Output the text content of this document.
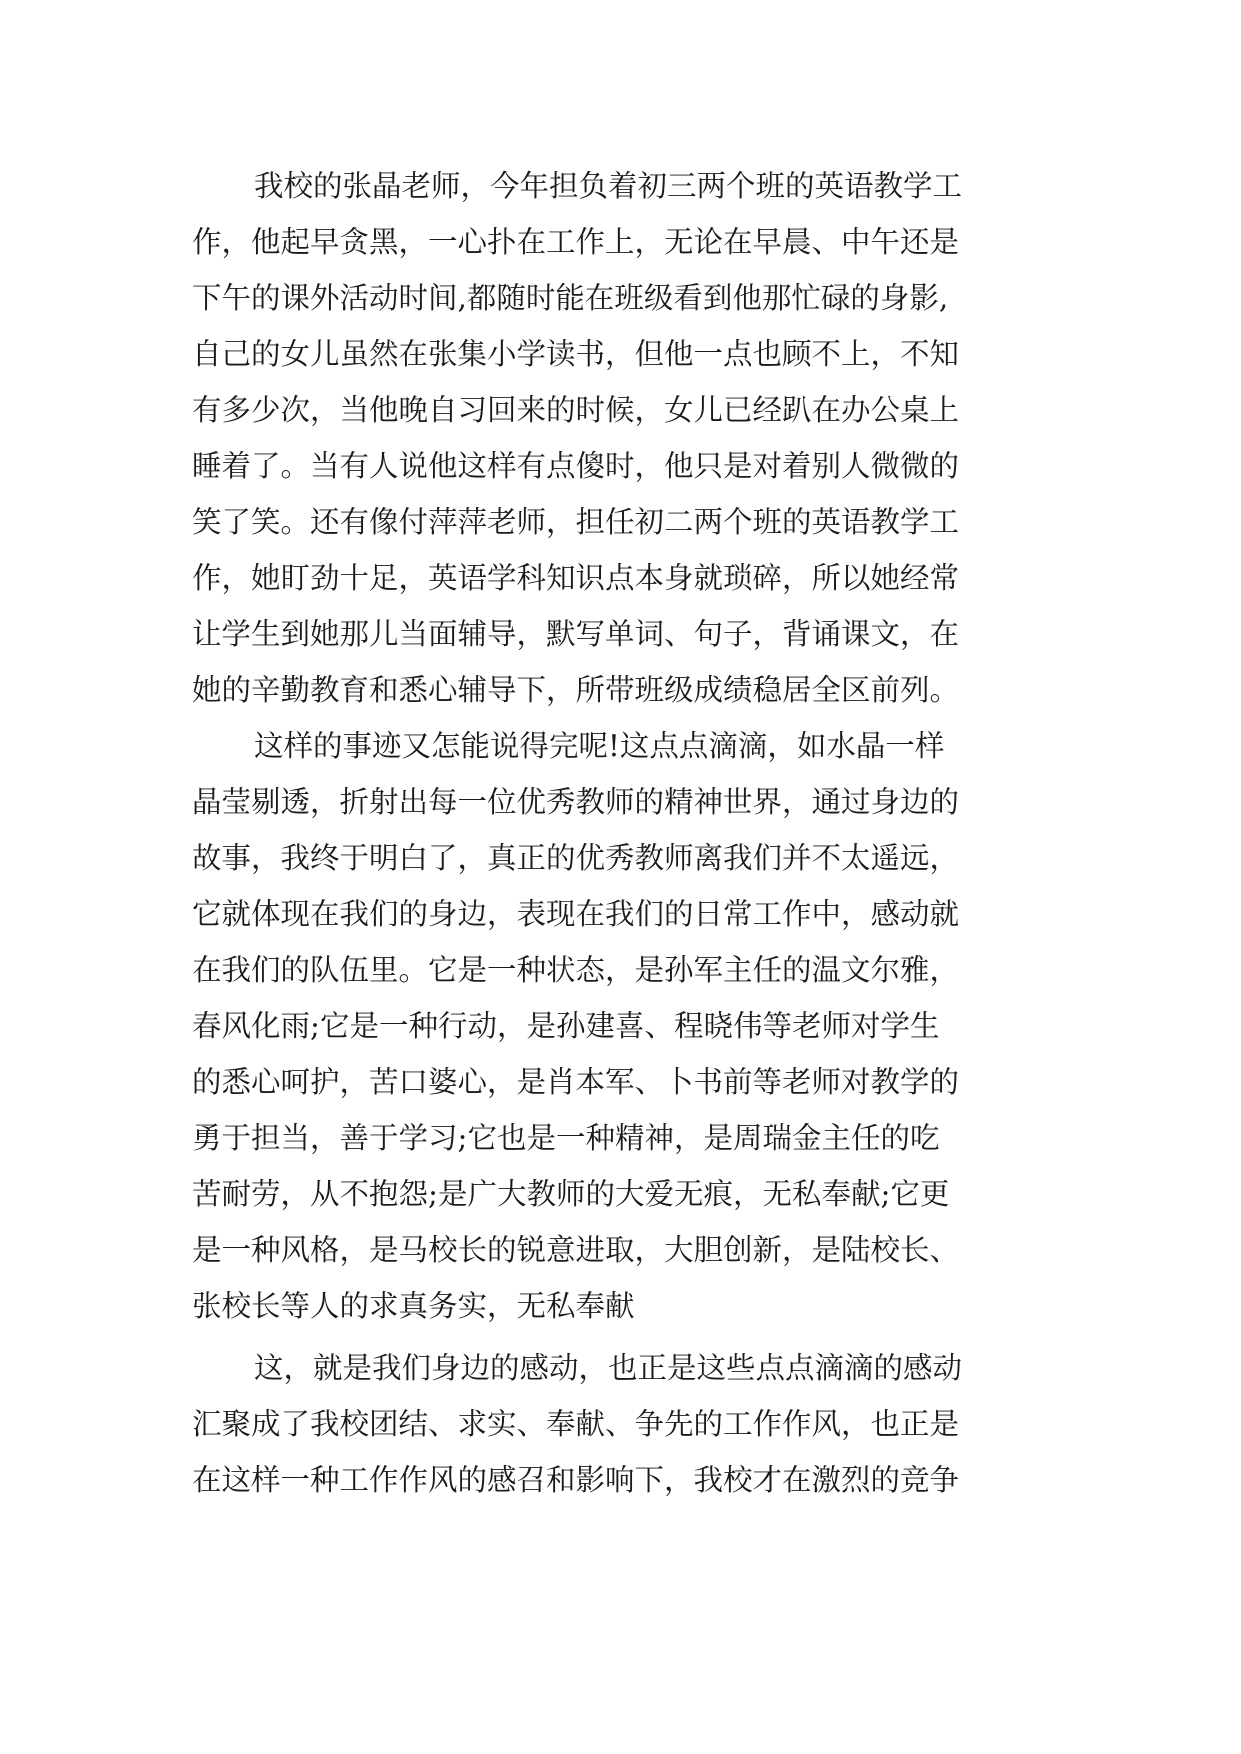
我校的张晶老师，今年担负着初三两个班的英语教学工
作，他起早贪黑，一心扑在工作上，无论在早晨、中午还是
下午的课外活动时间,都随时能在班级看到他那忙碌的身影,
自己的女儿虽然在张集小学读书，但他一点也顾不上，不知
有多少次，当他晚自习回来的时候，女儿已经趴在办公桌上
睡着了。当有人说他这样有点傻时，他只是对着别人微微的
笑了笑。还有像付萍萍老师，担任初二两个班的英语教学工
作，她盯劲十足，英语学科知识点本身就琐碎，所以她经常
让学生到她那儿当面辅导，默写单词、句子，背诵课文，在
她的辛勤教育和悉心辅导下，所带班级成绩稳居全区前列。
这样的事迹又怎能说得完呢!这点点滴滴，如水晶一样
晶莹剔透，折射出每一位优秀教师的精神世界，通过身边的
故事，我终于明白了，真正的优秀教师离我们并不太遥远，
它就体现在我们的身边，表现在我们的日常工作中，感动就
在我们的队伍里。它是一种状态，是孙军主任的温文尔雅，
春风化雨;它是一种行动，是孙建喜、程晓伟等老师对学生
的悉心呵护，苦口婆心，是肖本军、卜书前等老师对教学的
勇于担当，善于学习;它也是一种精神，是周瑞金主任的吃
苦耐劳，从不抱怨;是广大教师的大爱无痕，无私奉献;它更
是一种风格，是马校长的锐意进取，大胆创新，是陆校长、
张校长等人的求真务实，无私奉献
这，就是我们身边的感动，也正是这些点点滴滴的感动
汇聚成了我校团结、求实、奉献、争先的工作作风，也正是
在这样一种工作作风的感召和影响下，我校才在激烈的竞争
